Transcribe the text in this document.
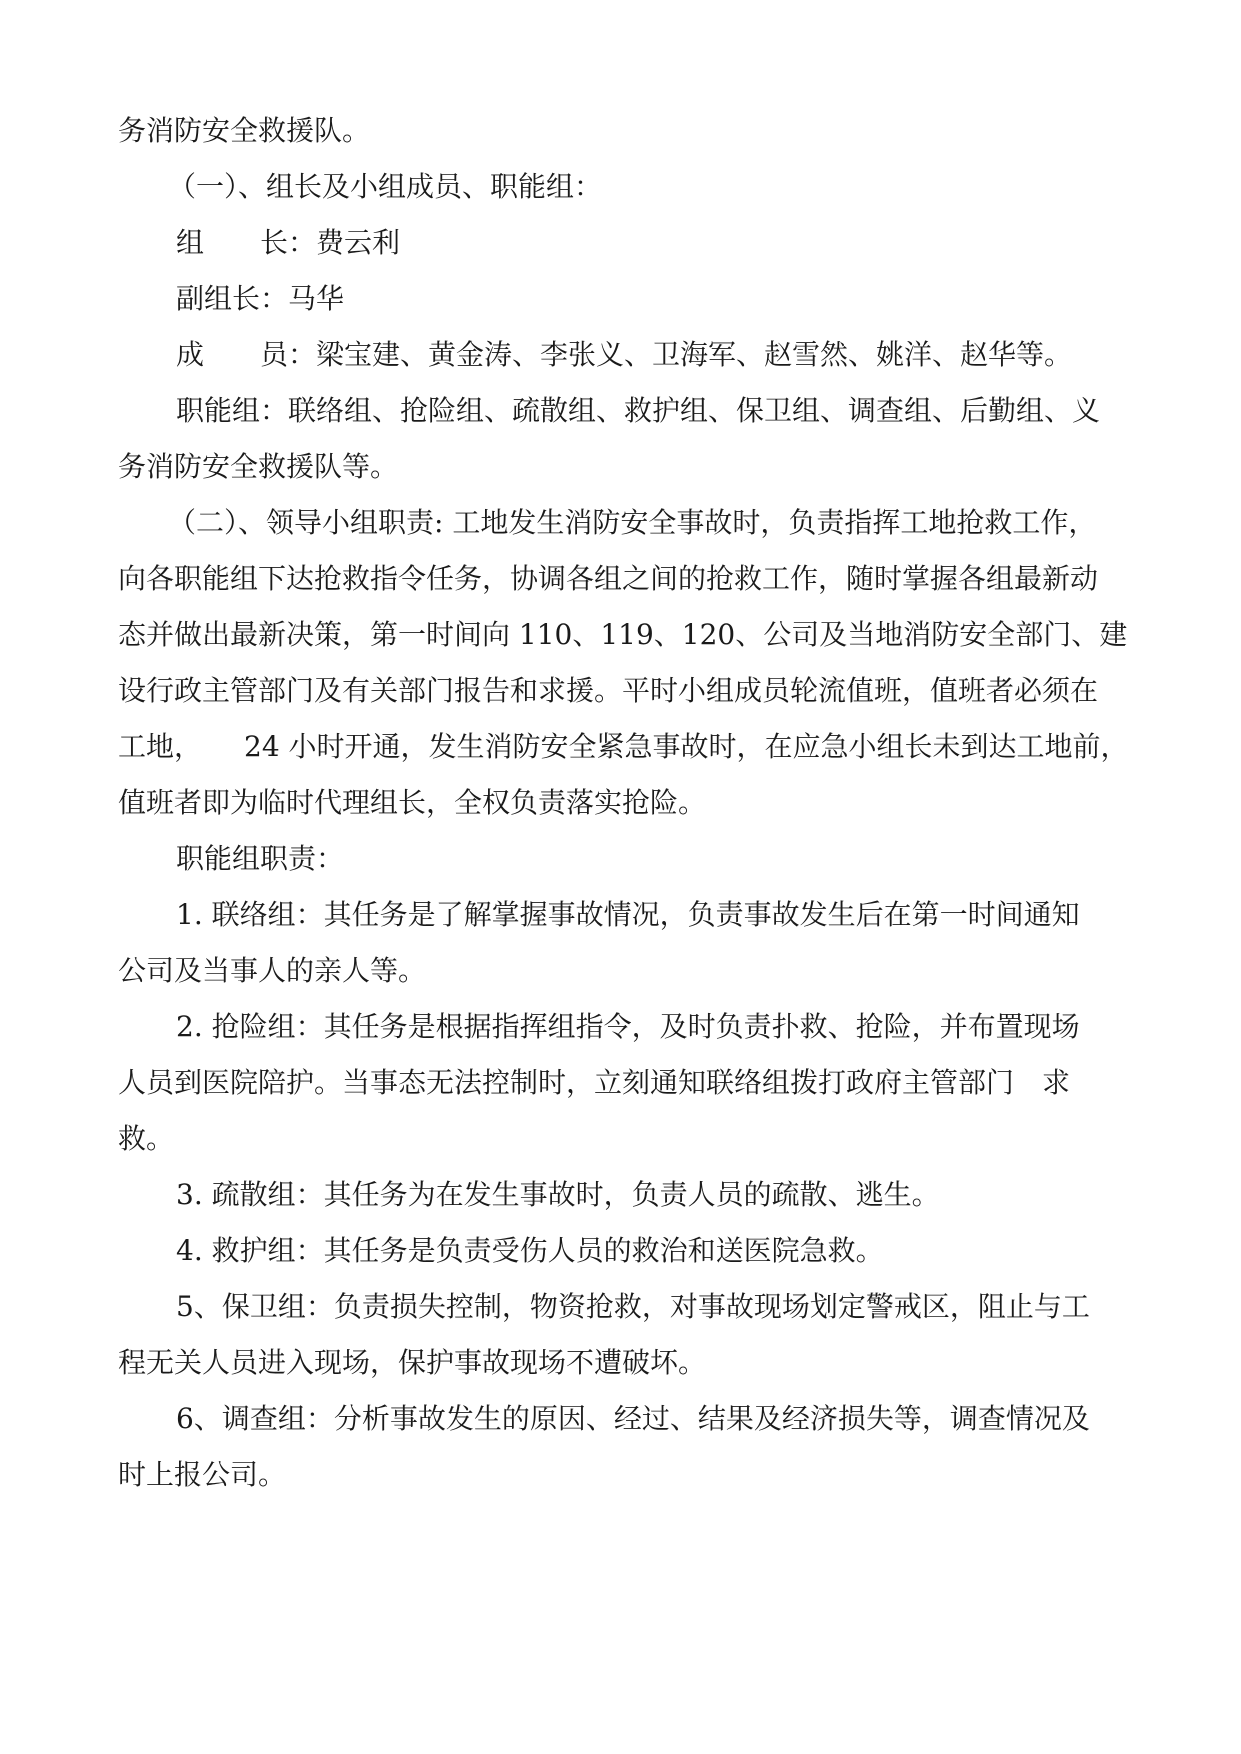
务消防安全救援队。
（一）、组长及小组成员、职能组：
组　　长：费云利
副组长：马华
成　　员：梁宝建、黄金涛、李张义、卫海军、赵雪然、姚洋、赵华等。
职能组：联络组、抢险组、疏散组、救护组、保卫组、调查组、后勤组、义
务消防安全救援队等。
（二）、领导小组职责: 工地发生消防安全事故时，负责指挥工地抢救工作，
向各职能组下达抢救指令任务，协调各组之间的抢救工作，随时掌握各组最新动
态并做出最新决策，第一时间向 110、119、120、公司及当地消防安全部门、建
设行政主管部门及有关部门报告和求援。平时小组成员轮流值班，值班者必须在
工地，　　24 小时开通，发生消防安全紧急事故时，在应急小组长未到达工地前，
值班者即为临时代理组长，全权负责落实抢险。
职能组职责：
1. 联络组：其任务是了解掌握事故情况，负责事故发生后在第一时间通知
公司及当事人的亲人等。
2. 抢险组：其任务是根据指挥组指令，及时负责扑救、抢险，并布置现场
人员到医院陪护。当事态无法控制时，立刻通知联络组拨打政府主管部门　求
救。
3. 疏散组：其任务为在发生事故时，负责人员的疏散、逃生。
4. 救护组：其任务是负责受伤人员的救治和送医院急救。
5、保卫组：负责损失控制，物资抢救，对事故现场划定警戒区，阻止与工
程无关人员进入现场，保护事故现场不遭破坏。
6、调查组：分析事故发生的原因、经过、结果及经济损失等，调查情况及
时上报公司。
